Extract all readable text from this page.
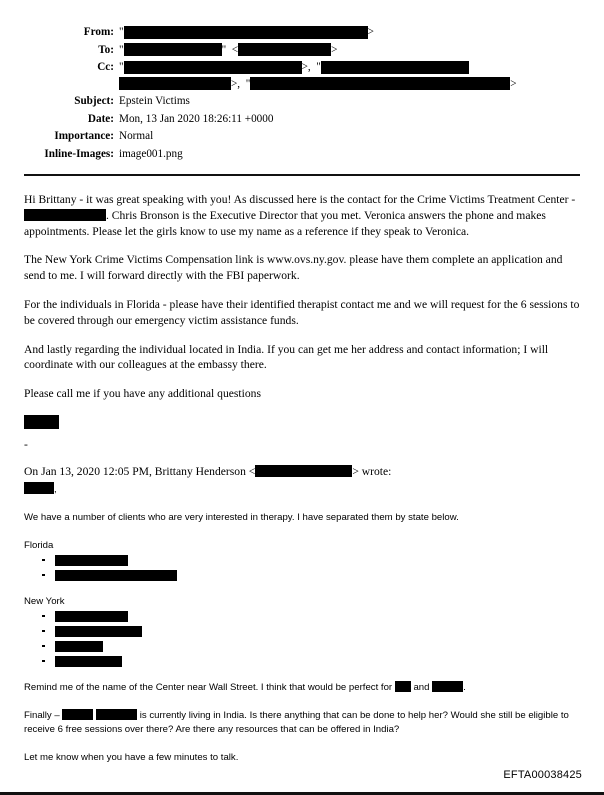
From: "	>
To: "	"  <	>
Cc: "	>,  "
>,  "	>
Subject: Epstein Victims
Date: Mon, 13 Jan 2020 18:26:11 +0000
Importance: Normal
Inline-Images: image001.png

Hi Brittany - it was great speaking with you! As discussed here is the contact for the Crime Victims Treatment Center - . Chris Bronson is the Executive Director that you met. Veronica answers the phone and makes appointments. Please let the girls know to use my name as a reference if they speak to Veronica.

The New York Crime Victims Compensation link is www.ovs.ny.gov. please have them complete an application and send to me. I will forward directly with the FBI paperwork.

For the individuals in Florida - please have their identified therapist contact me and we will request for the 6 sessions to be covered through our emergency victim assistance funds.

And lastly regarding the individual located in India. If you can get me her address and contact information; I will coordinate with our colleagues at the embassy there.

Please call me if you have any additional questions

-

On Jan 13, 2020 12:05 PM, Brittany Henderson <	> wrote:

,

We have a number of clients who are very interested in therapy. I have separated them by state below.

Florida
New York

Remind me of the name of the Center near Wall Street. I think that would be perfect for  and	.

Finally –	is currently living in India. Is there anything that can be done to help her? Would she still be eligible to receive 6 free sessions over there? Are there any resources that can be offered in India?

Let me know when you have a few minutes to talk.

EFTA00038425
